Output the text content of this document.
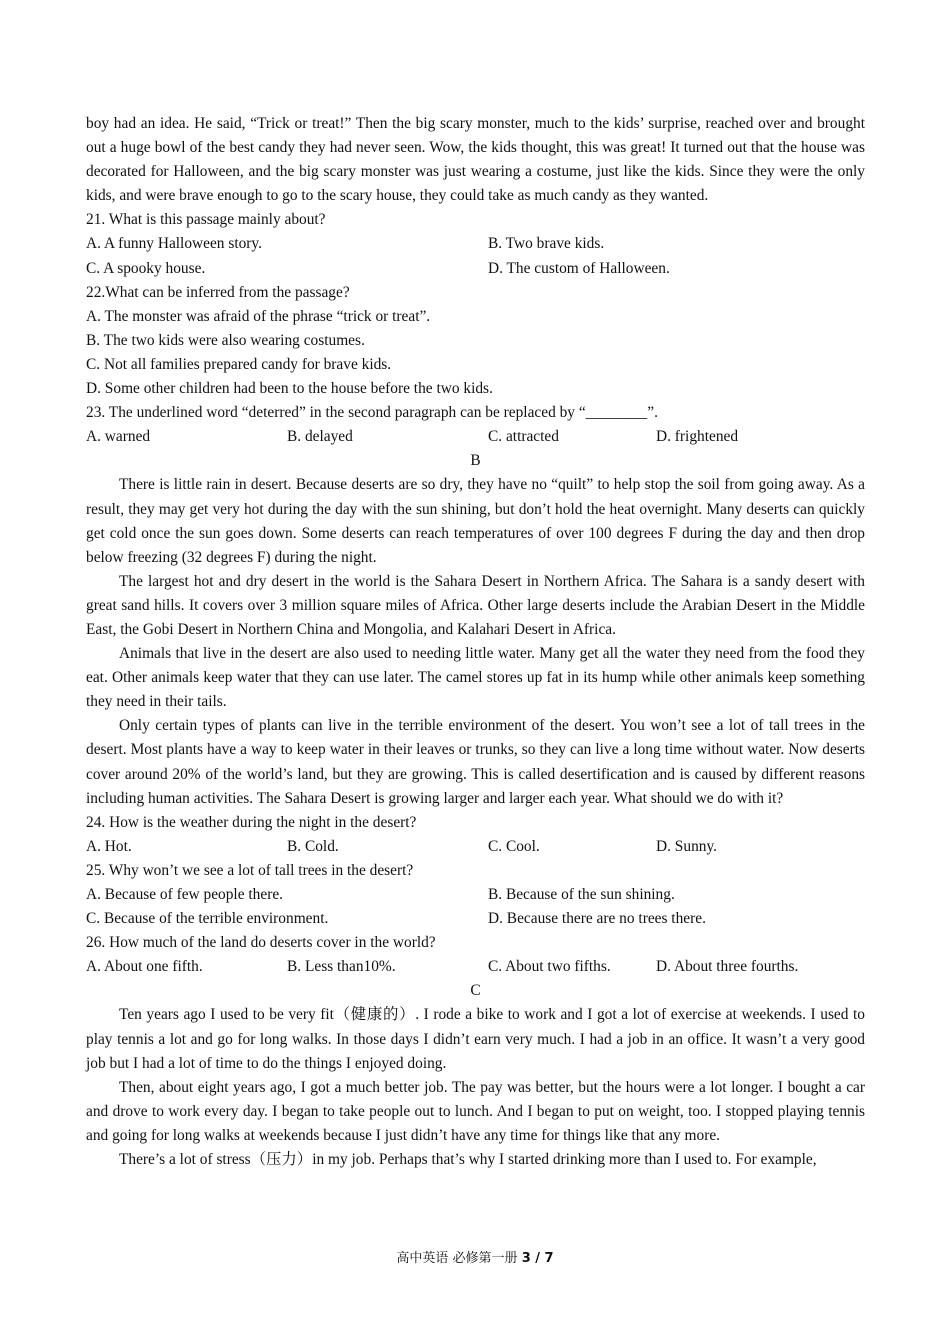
boy had an idea. He said, “Trick or treat!” Then the big scary monster, much to the kids’ surprise, reached over and brought out a huge bowl of the best candy they had never seen. Wow, the kids thought, this was great! It turned out that the house was decorated for Halloween, and the big scary monster was just wearing a costume, just like the kids. Since they were the only kids, and were brave enough to go to the scary house, they could take as much candy as they wanted.

21. What is this passage mainly about?

A. A funny Halloween story.	B. Two brave kids.
C. A spooky house.	D. The custom of Halloween.

22.What can be inferred from the passage?

A. The monster was afraid of the phrase “trick or treat”.

B. The two kids were also wearing costumes.

C. Not all families prepared candy for brave kids.

D. Some other children had been to the house before the two kids.

23. The underlined word “deterred” in the second paragraph can be replaced by “________”.

A. warned	B. delayed	C. attracted	D. frightened

B

There is little rain in desert. Because deserts are so dry, they have no “quilt” to help stop the soil from going away. As a result, they may get very hot during the day with the sun shining, but don’t hold the heat overnight. Many deserts can quickly get cold once the sun goes down. Some deserts can reach temperatures of over 100 degrees F during the day and then drop below freezing (32 degrees F) during the night.

The largest hot and dry desert in the world is the Sahara Desert in Northern Africa. The Sahara is a sandy desert with great sand hills. It covers over 3 million square miles of Africa. Other large deserts include the Arabian Desert in the Middle East, the Gobi Desert in Northern China and Mongolia, and Kalahari Desert in Africa.

Animals that live in the desert are also used to needing little water. Many get all the water they need from the food they eat. Other animals keep water that they can use later. The camel stores up fat in its hump while other animals keep something they need in their tails.

Only certain types of plants can live in the terrible environment of the desert. You won’t see a lot of tall trees in the desert. Most plants have a way to keep water in their leaves or trunks, so they can live a long time without water. Now deserts cover around 20% of the world’s land, but they are growing. This is called desertification and is caused by different reasons including human activities. The Sahara Desert is growing larger and larger each year. What should we do with it?

24. How is the weather during the night in the desert?

A. Hot.	B. Cold.	C. Cool.	D. Sunny.

25. Why won’t we see a lot of tall trees in the desert?

A. Because of few people there.	B. Because of the sun shining.
C. Because of the terrible environment.	D. Because there are no trees there.

26. How much of the land do deserts cover in the world?

A. About one fifth.	B. Less than10%.	C. About two fifths.	D. About three fourths.

C

Ten years ago I used to be very fit（健康的）. I rode a bike to work and I got a lot of exercise at weekends. I used to play tennis a lot and go for long walks. In those days I didn’t earn very much. I had a job in an office. It wasn’t a very good job but I had a lot of time to do the things I enjoyed doing.

Then, about eight years ago, I got a much better job. The pay was better, but the hours were a lot longer. I bought a car and drove to work every day. I began to take people out to lunch. And I began to put on weight, too. I stopped playing tennis and going for long walks at weekends because I just didn’t have any time for things like that any more.

There’s a lot of stress（压力）in my job. Perhaps that’s why I started drinking more than I used to. For example,

高中英语 必修第一册 3 / 7
